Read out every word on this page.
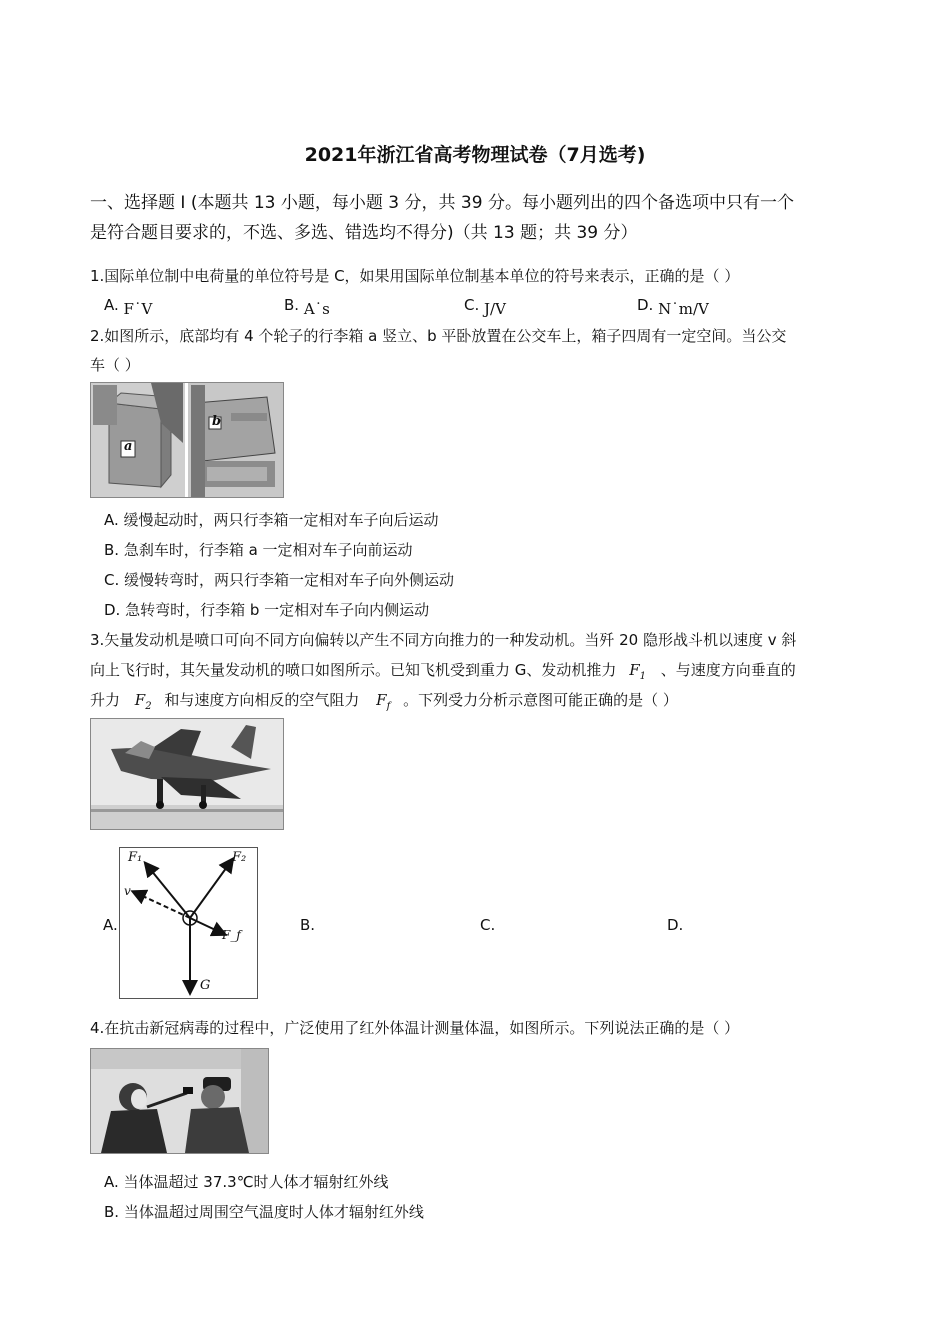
2021年浙江省高考物理试卷（7月选考)
一、选择题 I (本题共 13 小题，每小题 3 分，共 39 分。每小题列出的四个备选项中只有一个
是符合题目要求的，不选、多选、错选均不得分)（共 13 题；共 39 分）
1.国际单位制中电荷量的单位符号是 C，如果用国际单位制基本单位的符号来表示，正确的是（ ）
A. F˙V	B. A˙s	C. J/V	D. N˙m/V
2.如图所示，底部均有 4 个轮子的行李箱 a 竖立、b 平卧放置在公交车上，箱子四周有一定空间。当公交
车（ ）
a
b
A. 缓慢起动时，两只行李箱一定相对车子向后运动
B. 急刹车时，行李箱 a 一定相对车子向前运动
C. 缓慢转弯时，两只行李箱一定相对车子向外侧运动
D. 急转弯时，行李箱 b 一定相对车子向内侧运动
3.矢量发动机是喷口可向不同方向偏转以产生不同方向推力的一种发动机。当歼 20 隐形战斗机以速度 v 斜
向上飞行时，其矢量发动机的喷口如图所示。已知飞机受到重力 G、发动机推力 $F_1$ 、与速度方向垂直的
升力 $F_2$ 和与速度方向相反的空气阻力 $F_f$ 。下列受力分析示意图可能正确的是（ ）
A.
F₁	F₂
v
F_f
G
B.	C.	D.
4.在抗击新冠病毒的过程中，广泛使用了红外体温计测量体温，如图所示。下列说法正确的是（ ）
A. 当体温超过 37.3℃时人体才辐射红外线
B. 当体温超过周围空气温度时人体才辐射红外线
